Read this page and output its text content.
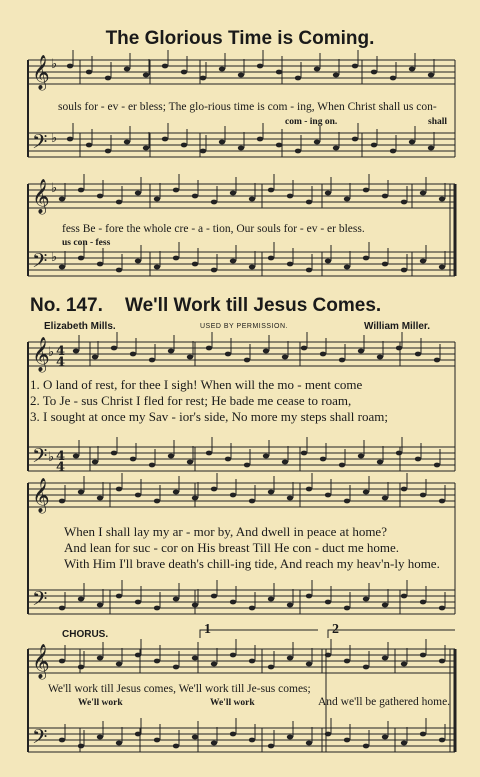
The Glorious Time is Coming.
𝄞
𝄢
𝄞
𝄢
𝄞
𝄢
𝄞
𝄢
𝄞
𝄢
4
4
4
4
♭
♭
♭
♭
♭
♭
souls for - ev - er bless; The glo-rious time is com - ing, When Christ shall us con-
com - ing on.	shall
fess Be - fore the whole cre - a - tion, Our souls for - ev - er bless.
us con - fess
No. 147. We'll Work till Jesus Comes.
Elizabeth Mills.	USED BY PERMISSION.	William Miller.
1. O land of rest, for thee I sigh! When will the mo - ment come
2. To Je - sus Christ I fled for rest; He bade me cease to roam,
3. I sought at once my Sav - ior's side, No more my steps shall roam;
When I shall lay my ar - mor by, And dwell in peace at home?
And lean for suc - cor on His breast Till He con - duct me home.
With Him I'll brave death's chill-ing tide, And reach my heav'n-ly home.
CHORUS.	1	2
We'll work till Jesus comes, We'll work till Je-sus comes;
We'll work	We'll work	And we'll be gathered home.
